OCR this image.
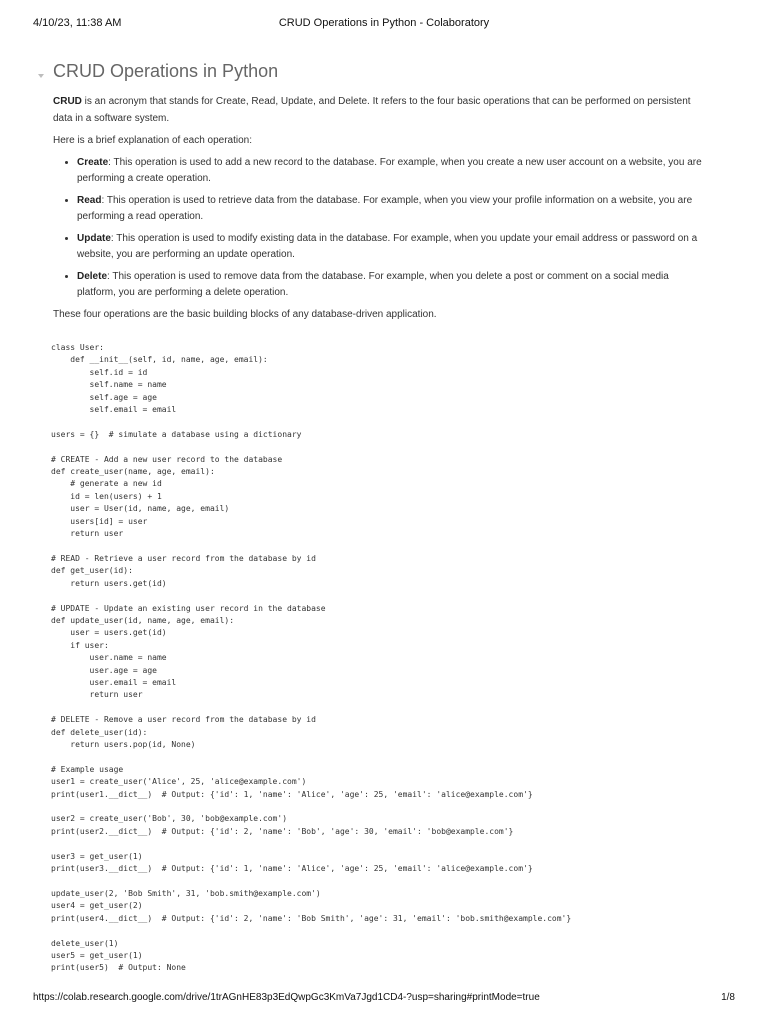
4/10/23, 11:38 AM	CRUD Operations in Python - Colaboratory
CRUD Operations in Python

CRUD is an acronym that stands for Create, Read, Update, and Delete. It refers to the four basic operations that can be performed on persistent data in a software system.

Here is a brief explanation of each operation:

• Create: This operation is used to add a new record to the database. For example, when you create a new user account on a website, you are performing a create operation.
• Read: This operation is used to retrieve data from the database. For example, when you view your profile information on a website, you are performing a read operation.
• Update: This operation is used to modify existing data in the database. For example, when you update your email address or password on a website, you are performing an update operation.
• Delete: This operation is used to remove data from the database. For example, when you delete a post or comment on a social media platform, you are performing a delete operation.

These four operations are the basic building blocks of any database-driven application.

class User:
def __init__(self, id, name, age, email):
self.id = id
self.name = name
self.age = age
self.email = email

users = {}  # simulate a database using a dictionary

# CREATE - Add a new user record to the database
def create_user(name, age, email):
# generate a new id
id = len(users) + 1
user = User(id, name, age, email)
users[id] = user
return user

# READ - Retrieve a user record from the database by id
def get_user(id):
return users.get(id)

# UPDATE - Update an existing user record in the database
def update_user(id, name, age, email):
user = users.get(id)
if user:
user.name = name
user.age = age
user.email = email
return user

# DELETE - Remove a user record from the database by id
def delete_user(id):
return users.pop(id, None)

# Example usage
user1 = create_user('Alice', 25, 'alice@example.com')
print(user1.__dict__)  # Output: {'id': 1, 'name': 'Alice', 'age': 25, 'email': 'alice@example.com'}

user2 = create_user('Bob', 30, 'bob@example.com')
print(user2.__dict__)  # Output: {'id': 2, 'name': 'Bob', 'age': 30, 'email': 'bob@example.com'}

user3 = get_user(1)
print(user3.__dict__)  # Output: {'id': 1, 'name': 'Alice', 'age': 25, 'email': 'alice@example.com'}

update_user(2, 'Bob Smith', 31, 'bob.smith@example.com')
user4 = get_user(2)
print(user4.__dict__)  # Output: {'id': 2, 'name': 'Bob Smith', 'age': 31, 'email': 'bob.smith@example.com'}

delete_user(1)
user5 = get_user(1)
print(user5)  # Output: None
https://colab.research.google.com/drive/1trAGnHE83p3EdQwpGc3KmVa7Jgd1CD4-?usp=sharing#printMode=true	1/8
